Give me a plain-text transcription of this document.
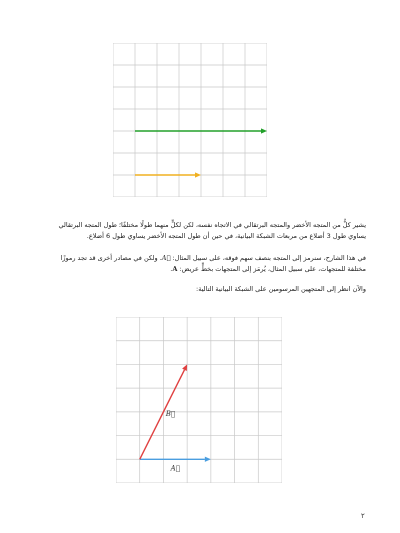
يشير كلٌّ من المتجه الأخضر والمتجه البرتقالي في الاتجاه نفسه، لكن لكلٍّ منهما طولًا مختلفًا؛ طول المتجه البرتقالي يساوي طول 3 أضلاع من مربعات الشبكة البيانية، في حين أن طول المتجه الأخضر يساوي طول 6 أضلاع.

في هذا الشارح، سنرمز إلى المتجه بنصف سهم فوقه، على سبيل المثال: A⃑. ولكن في مصادر أخرى قد تجد رموزًا مختلفة للمتجهات، على سبيل المثال، يُرمَز إلى المتجهات بخطٍّ عريض: A.

والآن انظر إلى المتجهين المرسومين على الشبكة البيانية التالية:

A⃑
B⃑
٢
